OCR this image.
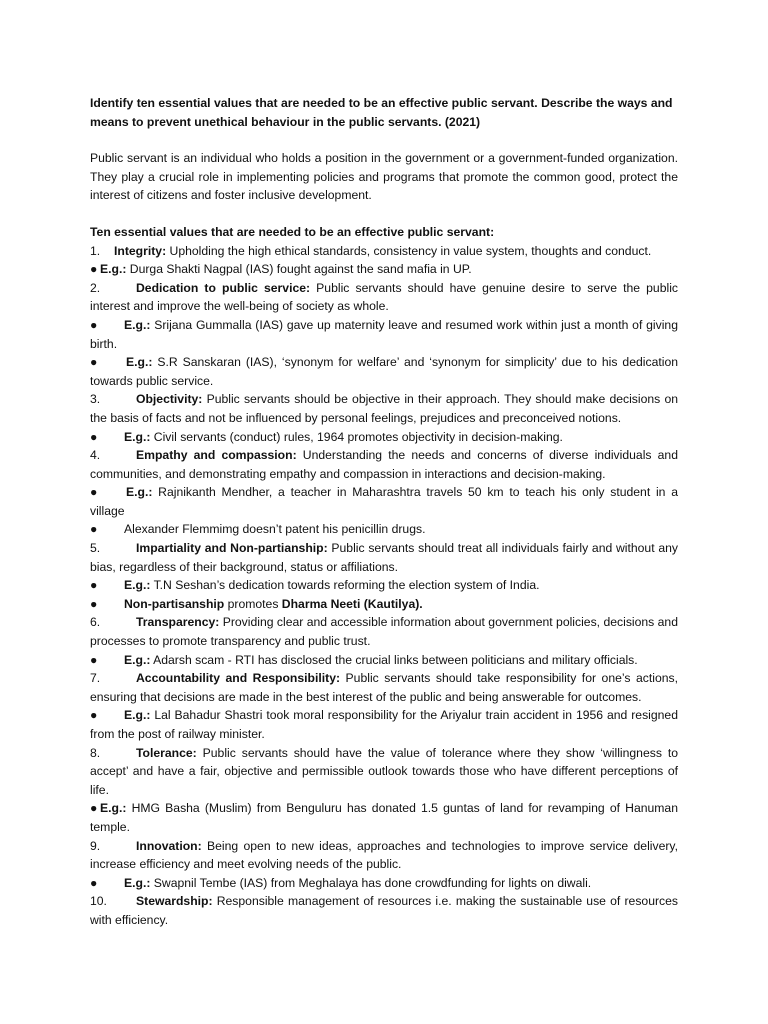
Identify ten essential values that are needed to be an effective public servant. Describe the ways and means to prevent unethical behaviour in the public servants. (2021)

Public servant is an individual who holds a position in the government or a government-funded organization. They play a crucial role in implementing policies and programs that promote the common good, protect the interest of citizens and foster inclusive development.

Ten essential values that are needed to be an effective public servant:

1. Integrity: Upholding the high ethical standards, consistency in value system, thoughts and conduct.

● E.g.: Durga Shakti Nagpal (IAS) fought against the sand mafia in UP.

2.	Dedication to public service: Public servants should have genuine desire to serve the public interest and improve the well-being of society as whole.

● E.g.: Srijana Gummalla (IAS) gave up maternity leave and resumed work within just a month of giving birth.

● E.g.: S.R Sanskaran (IAS), ‘synonym for welfare’ and ‘synonym for simplicity’ due to his dedication towards public service.

3.	Objectivity: Public servants should be objective in their approach. They should make decisions on the basis of facts and not be influenced by personal feelings, prejudices and preconceived notions.

● E.g.: Civil servants (conduct) rules, 1964 promotes objectivity in decision-making.

4.	Empathy and compassion: Understanding the needs and concerns of diverse individuals and communities, and demonstrating empathy and compassion in interactions and decision-making.

● E.g.: Rajnikanth Mendher, a teacher in Maharashtra travels 50 km to teach his only student in a village

● Alexander Flemmimg doesn’t patent his penicillin drugs.

5.	Impartiality and Non-partianship: Public servants should treat all individuals fairly and without any bias, regardless of their background, status or affiliations.

● E.g.: T.N Seshan’s dedication towards reforming the election system of India.

● Non-partisanship promotes Dharma Neeti (Kautilya).

6.	Transparency: Providing clear and accessible information about government policies, decisions and processes to promote transparency and public trust.

● E.g.: Adarsh scam - RTI has disclosed the crucial links between politicians and military officials.

7.	Accountability and Responsibility: Public servants should take responsibility for one’s actions, ensuring that decisions are made in the best interest of the public and being answerable for outcomes.

● E.g.: Lal Bahadur Shastri took moral responsibility for the Ariyalur train accident in 1956 and resigned from the post of railway minister.

8.	Tolerance: Public servants should have the value of tolerance where they show ‘willingness to accept’ and have a fair, objective and permissible outlook towards those who have different perceptions of life.

● E.g.: HMG Basha (Muslim) from Benguluru has donated 1.5 guntas of land for revamping of Hanuman temple.

9.	Innovation: Being open to new ideas, approaches and technologies to improve service delivery, increase efficiency and meet evolving needs of the public.

● E.g.: Swapnil Tembe (IAS) from Meghalaya has done crowdfunding for lights on diwali.

10. Stewardship: Responsible management of resources i.e. making the sustainable use of resources with efficiency.
